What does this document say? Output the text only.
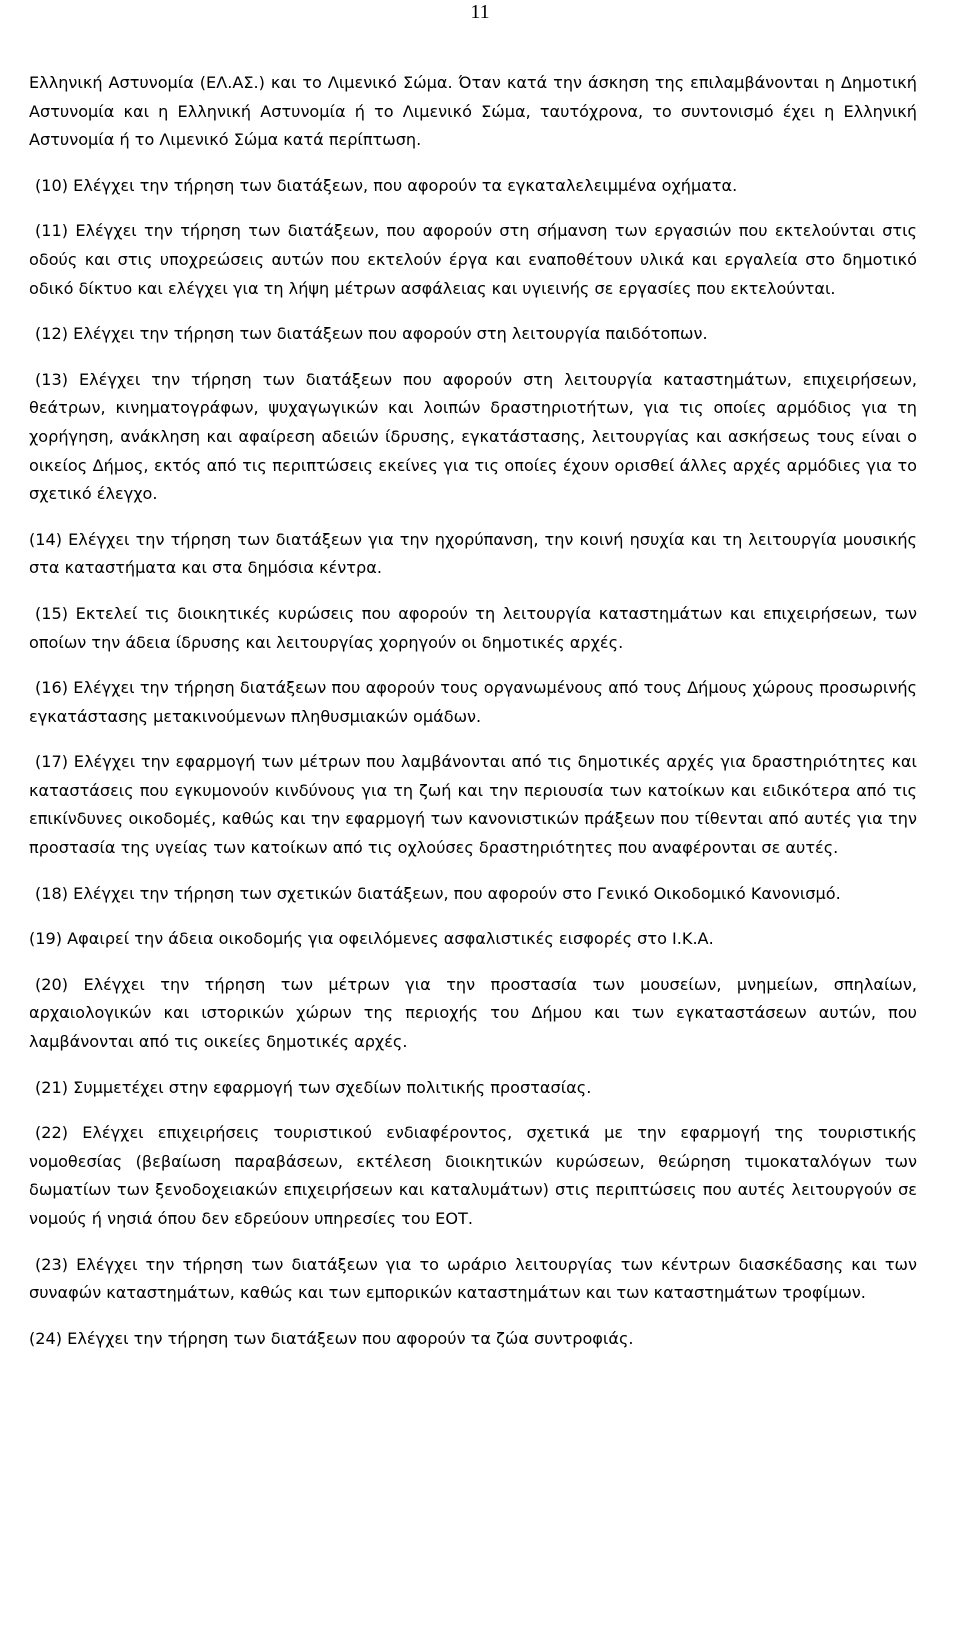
11

Ελληνική Αστυνομία (ΕΛ.ΑΣ.) και το Λιμενικό Σώμα. Όταν κατά την άσκηση της επιλαμβάνονται η Δημοτική Αστυνομία και η Ελληνική Αστυνομία ή το Λιμενικό Σώμα, ταυτόχρονα, το συντονισμό έχει η Ελληνική Αστυνομία ή το Λιμενικό Σώμα κατά περίπτωση.

(10) Ελέγχει την τήρηση των διατάξεων, που αφορούν τα εγκαταλελειμμένα οχήματα.

(11) Ελέγχει την τήρηση των διατάξεων, που αφορούν στη σήμανση των εργασιών που εκτελούνται στις οδούς και στις υποχρεώσεις αυτών που εκτελούν έργα και εναποθέτουν υλικά και εργαλεία στο δημοτικό οδικό δίκτυο και ελέγχει για τη λήψη μέτρων ασφάλειας και υγιεινής σε εργασίες που εκτελούνται.

(12) Ελέγχει την τήρηση των διατάξεων που αφορούν στη λειτουργία παιδότοπων.

(13) Ελέγχει την τήρηση των διατάξεων που αφορούν στη λειτουργία καταστημάτων, επιχειρήσεων, θεάτρων, κινηματογράφων, ψυχαγωγικών και λοιπών δραστηριοτήτων, για τις οποίες αρμόδιος για τη χορήγηση, ανάκληση και αφαίρεση αδειών ίδρυσης, εγκατάστασης, λειτουργίας και ασκήσεως τους είναι ο οικείος Δήμος, εκτός από τις περιπτώσεις εκείνες για τις οποίες έχουν ορισθεί άλλες αρχές αρμόδιες για το σχετικό έλεγχο.

(14) Ελέγχει την τήρηση των διατάξεων για την ηχορύπανση, την κοινή ησυχία και τη λειτουργία μουσικής στα καταστήματα και στα δημόσια κέντρα.

(15) Εκτελεί τις διοικητικές κυρώσεις που αφορούν τη λειτουργία καταστημάτων και επιχειρήσεων, των οποίων την άδεια ίδρυσης και λειτουργίας χορηγούν οι δημοτικές αρχές.

(16) Ελέγχει την τήρηση διατάξεων που αφορούν τους οργανωμένους από τους Δήμους χώρους προσωρινής εγκατάστασης μετακινούμενων πληθυσμιακών ομάδων.

(17) Ελέγχει την εφαρμογή των μέτρων που λαμβάνονται από τις δημοτικές αρχές για δραστηριότητες και καταστάσεις που εγκυμονούν κινδύνους για τη ζωή και την περιουσία των κατοίκων και ειδικότερα από τις επικίνδυνες οικοδομές, καθώς και την εφαρμογή των κανονιστικών πράξεων που τίθενται από αυτές για την προστασία της υγείας των κατοίκων από τις οχλούσες δραστηριότητες που αναφέρονται σε αυτές.

(18) Ελέγχει την τήρηση των σχετικών διατάξεων, που αφορούν στο Γενικό Οικοδομικό Κανονισμό.

(19) Αφαιρεί την άδεια οικοδομής για οφειλόμενες ασφαλιστικές εισφορές στο Ι.Κ.Α.

(20) Ελέγχει την τήρηση των μέτρων για την προστασία των μουσείων, μνημείων, σπηλαίων, αρχαιολογικών και ιστορικών χώρων της περιοχής του Δήμου και των εγκαταστάσεων αυτών, που λαμβάνονται από τις οικείες δημοτικές αρχές.

(21) Συμμετέχει στην εφαρμογή των σχεδίων πολιτικής προστασίας.

(22) Ελέγχει επιχειρήσεις τουριστικού ενδιαφέροντος, σχετικά με την εφαρμογή της τουριστικής νομοθεσίας (βεβαίωση παραβάσεων, εκτέλεση διοικητικών κυρώσεων, θεώρηση τιμοκαταλόγων των δωματίων των ξενοδοχειακών επιχειρήσεων και καταλυμάτων) στις περιπτώσεις που αυτές λειτουργούν σε νομούς ή νησιά όπου δεν εδρεύουν υπηρεσίες του ΕΟΤ.

(23) Ελέγχει την τήρηση των διατάξεων για το ωράριο λειτουργίας των κέντρων διασκέδασης και των συναφών καταστημάτων, καθώς και των εμπορικών καταστημάτων και των καταστημάτων τροφίμων.

(24) Ελέγχει την τήρηση των διατάξεων που αφορούν τα ζώα συντροφιάς.
